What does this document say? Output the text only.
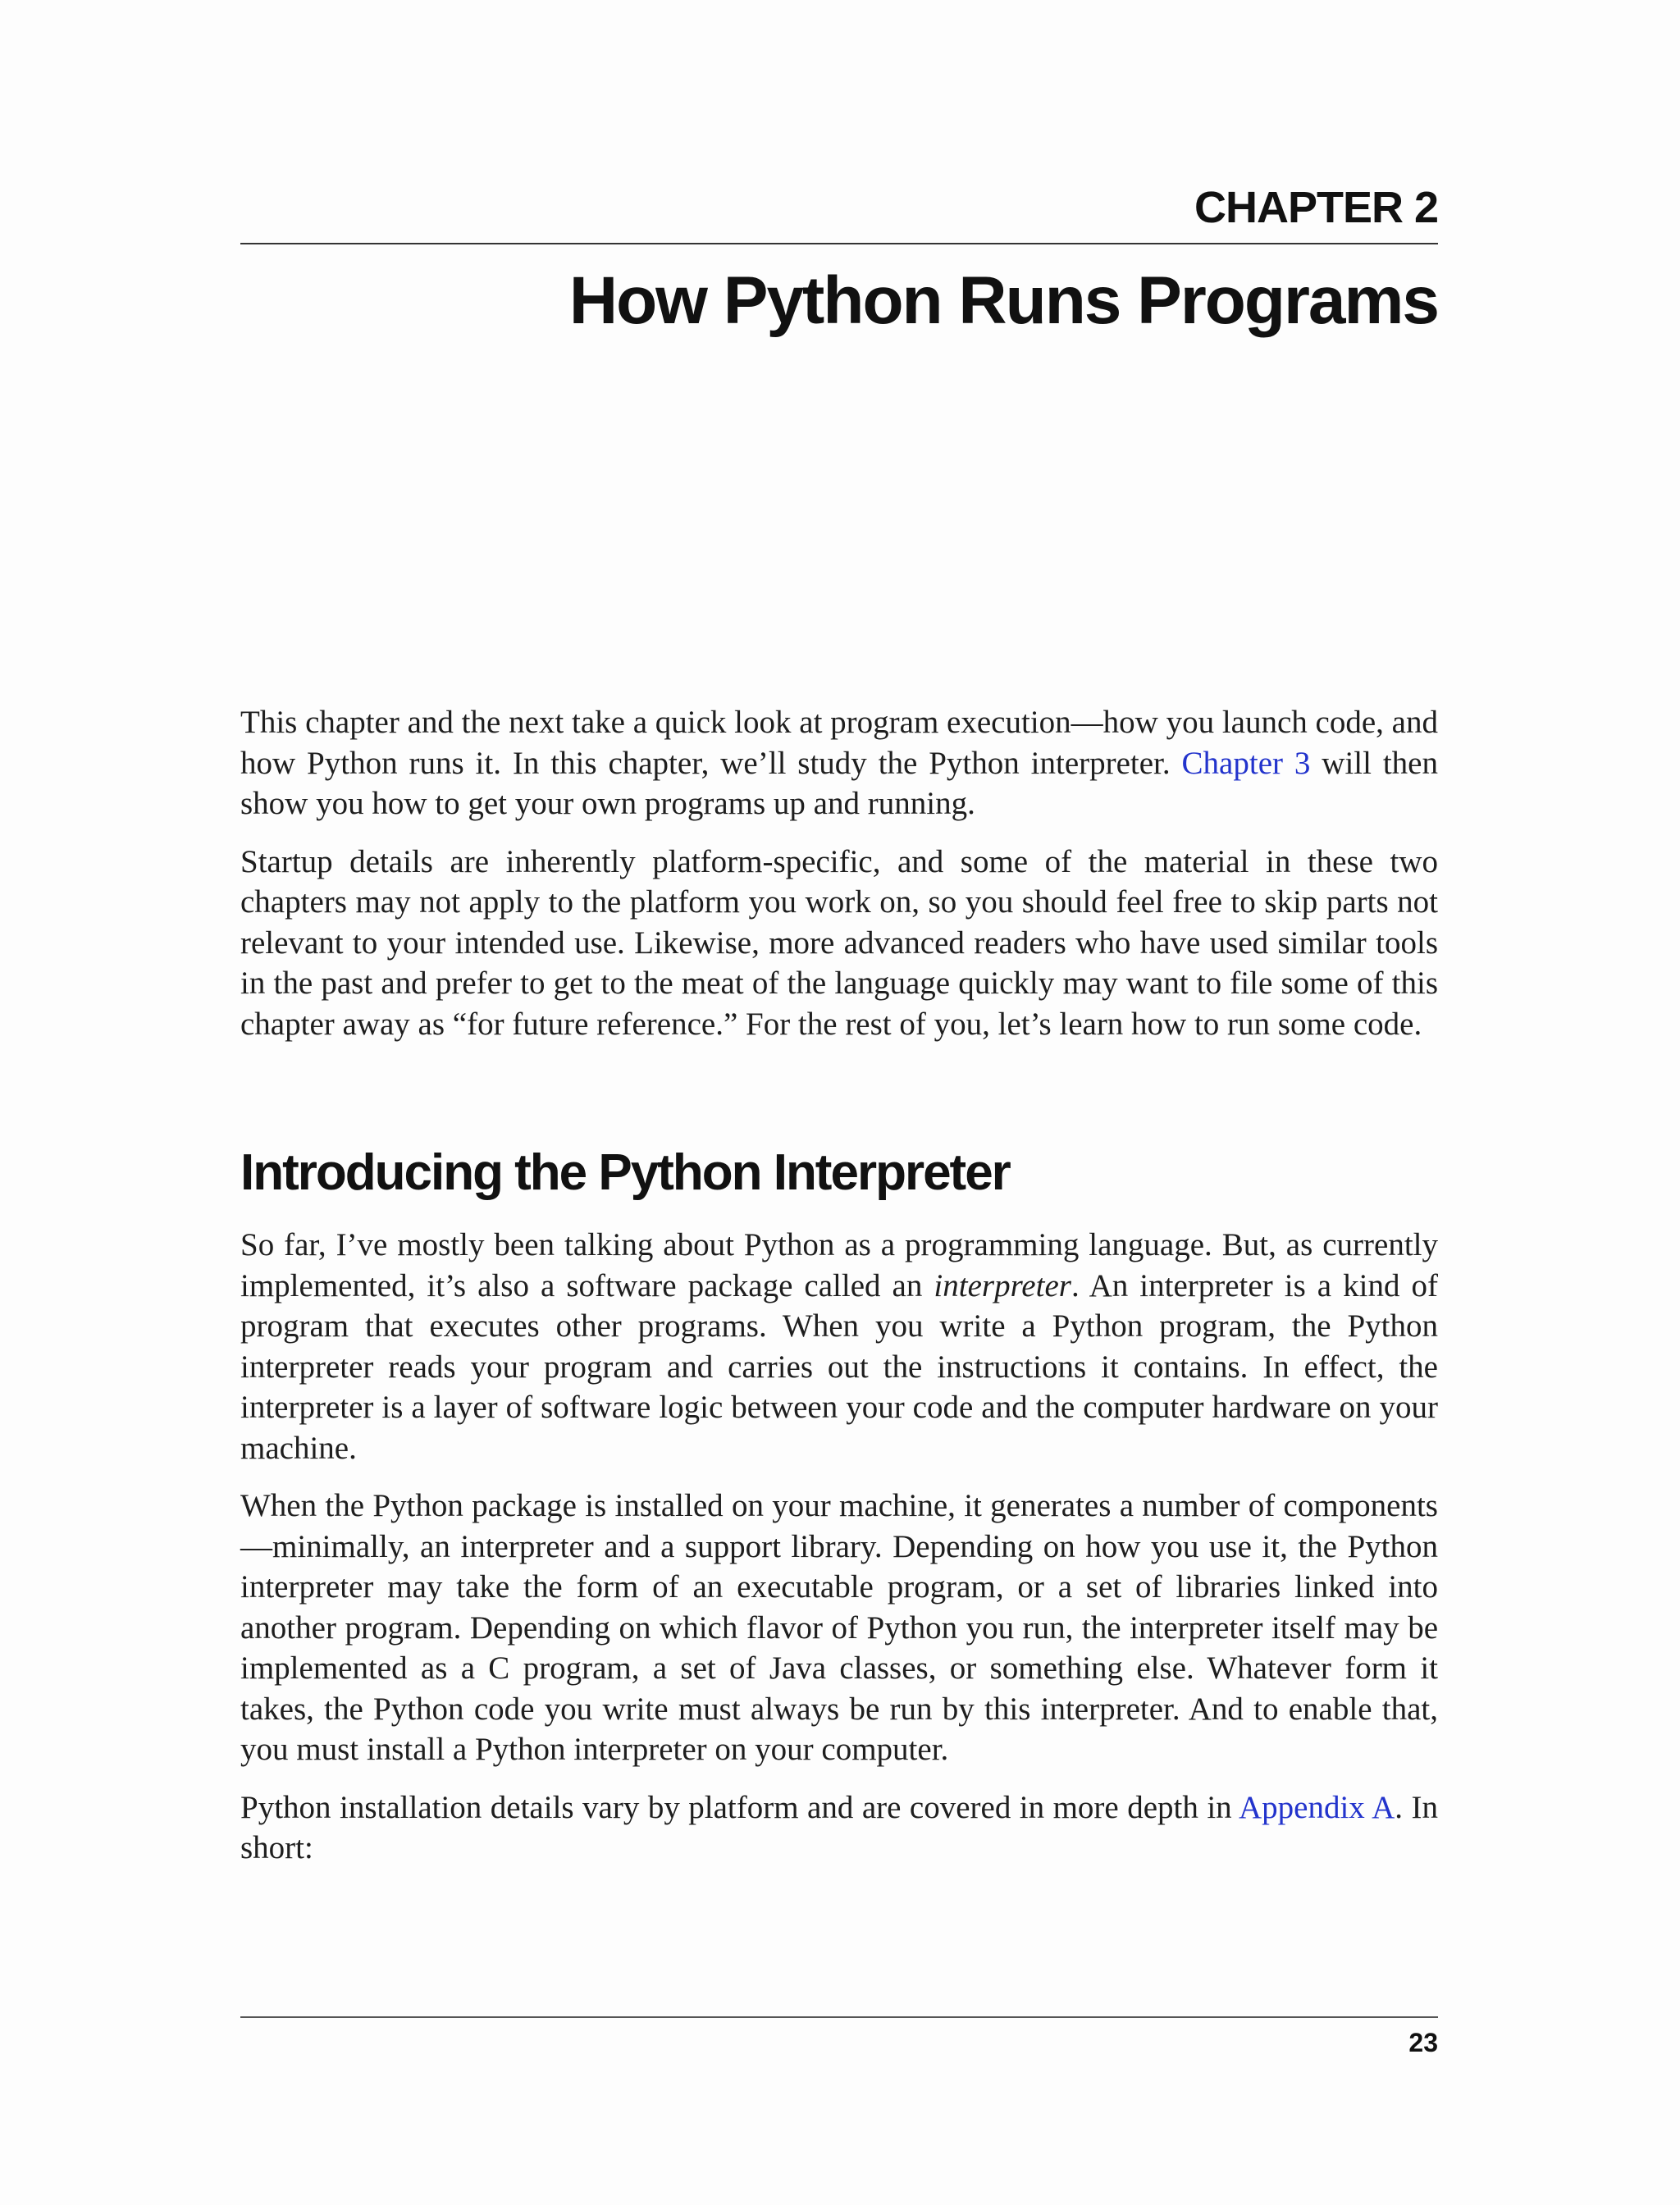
CHAPTER 2
How Python Runs Programs

This chapter and the next take a quick look at program execution—how you launch code, and how Python runs it. In this chapter, we’ll study the Python interpreter. Chapter 3 will then show you how to get your own programs up and running.

Startup details are inherently platform-specific, and some of the material in these two chapters may not apply to the platform you work on, so you should feel free to skip parts not relevant to your intended use. Likewise, more advanced readers who have used similar tools in the past and prefer to get to the meat of the language quickly may want to file some of this chapter away as “for future reference.” For the rest of you, let’s learn how to run some code.

Introducing the Python Interpreter

So far, I’ve mostly been talking about Python as a programming language. But, as currently implemented, it’s also a software package called an interpreter. An interpreter is a kind of program that executes other programs. When you write a Python program, the Python interpreter reads your program and carries out the instructions it contains. In effect, the interpreter is a layer of software logic between your code and the computer hardware on your machine.

When the Python package is installed on your machine, it generates a number of components—minimally, an interpreter and a support library. Depending on how you use it, the Python interpreter may take the form of an executable program, or a set of libraries linked into another program. Depending on which flavor of Python you run, the interpreter itself may be implemented as a C program, a set of Java classes, or something else. Whatever form it takes, the Python code you write must always be run by this interpreter. And to enable that, you must install a Python interpreter on your computer.

Python installation details vary by platform and are covered in more depth in Appendix A. In short:

23
